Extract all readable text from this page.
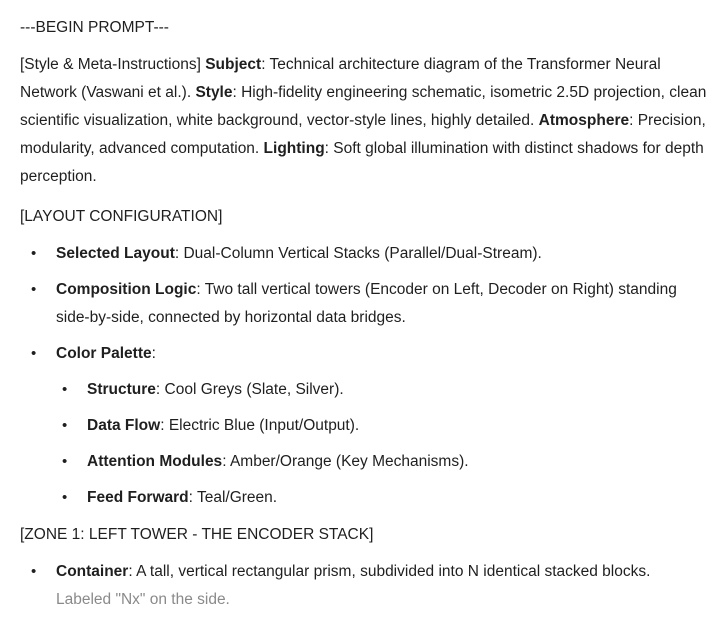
---BEGIN PROMPT---

[Style & Meta-Instructions] Subject: Technical architecture diagram of the Transformer Neural Network (Vaswani et al.). Style: High-fidelity engineering schematic, isometric 2.5D projection, clean scientific visualization, white background, vector-style lines, highly detailed. Atmosphere: Precision, modularity, advanced computation. Lighting: Soft global illumination with distinct shadows for depth perception.

[LAYOUT CONFIGURATION]

• Selected Layout: Dual-Column Vertical Stacks (Parallel/Dual-Stream).
• Composition Logic: Two tall vertical towers (Encoder on Left, Decoder on Right) standing side-by-side, connected by horizontal data bridges.
• Color Palette:
• Structure: Cool Greys (Slate, Silver).
• Data Flow: Electric Blue (Input/Output).
• Attention Modules: Amber/Orange (Key Mechanisms).
• Feed Forward: Teal/Green.

[ZONE 1: LEFT TOWER - THE ENCODER STACK]

• Container: A tall, vertical rectangular prism, subdivided into N identical stacked blocks. Labeled "Nx" on the side.
